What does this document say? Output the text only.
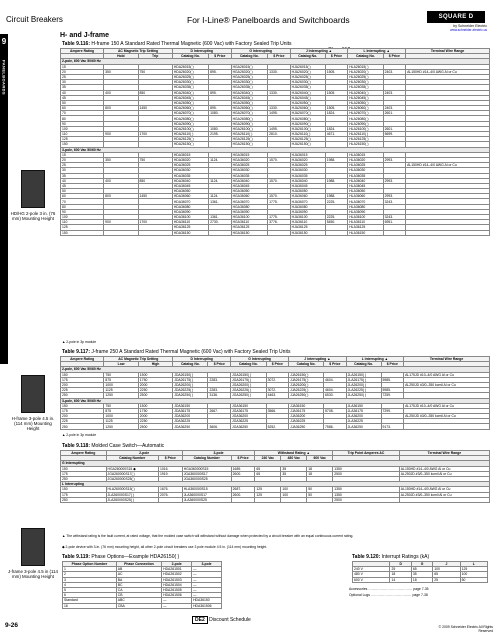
Circuit Breakers	For I-Line® Panelboards and Switchboards	SQUARE D
by Schneider Electric
www.schneider-electric.us
9
PANELBOARDS
H- and J-frame
Table 9.116: H-frame 150 A Standard Rated Thermal Magnetic (600 Vac) with Factory Sealed Trip Units
Ampere Rating	AC Magnetic Trip Setting		D Interrupting		G Interrupting		J Interrupting ▲		L Interrupting ▲		Terminal Wire Range
	Hold	Trip	Catalog No.	$ Price	Catalog No.	$ Price	Catalog No.	$ Price	Catalog No.	$ Price	
2-pole, 600 Vac 50/60 Hz											
15			HDA26015( )		HGA26015( )		HJA26015( )		HLA26015( )		
20	350	750	HDA26020( )	895.	HGA26020( )	1330.	HJA26020( )	1505.	HLA26020( )	2403.	AL150HD #14–4/0 AWG Al or Cu
25			HDA26025( )		HGA26025( )		HJA26025( )		HLA26025( )		
30			HDA26030( )		HGA26030( )		HJA26030( )		HLA26030( )		
35			HDA26035( )		HGA26035( )		HJA26035( )		HLA26035( )		
40	400	850	HDA26040( )	895.	HGA26040( )	1330.	HJA26040( )	1505.	HLA26040( )	2403.	
45			HDA26045( )		HGA26045( )		HJA26045( )		HLA26045( )		
50			HDA26050( )		HGA26050( )		HJA26050( )		HLA26050( )		
60	800	1450	HDA26060( )	895.	HGA26060( )	1330.	HJA26060( )	1505.	HLA26060( )	2403.	
70			HDA26070( )	1080.	HGA26070( )	1495.	HJA26070( )	1824.	HLA26070( )	2601.	
80			HDA26080( )		HGA26080( )		HJA26080( )		HLA26080( )		
90			HDA26090( )		HGA26090( )		HJA26090( )		HLA26090( )		
100			HDA26100( )	1080.	HGA26100( )	1495.	HJA26100( )	1824.	HLA26100( )	2601.	
110	900	1700	HDA26110( )	2195.	HGA26110( )	2810.	HJA26110( )	4671.	HLA26110( )	5699.	
125			HDA26125( )		HGA26125( )		HJA26125( )		HLA26125( )		
150			HDA26150( )		HGA26150( )		HJA26150( )		HLA26150( )		
3-pole, 600 Vac 50/60 Hz											
15			HDA36015		HGA36015		HJA36015		HLA36015		
20	350	750	HDA36020	1124.	HGA36020	1570.	HJA36020	1988.	HLA36020	2993.	
25			HDA36025		HGA36025		HJA36025		HLA36025		AL150HD #14–4/0 AWG Al or Cu
30			HDA36030		HGA36030		HJA36030		HLA36030		
35			HDA36035		HGA36035		HJA36035		HLA36035		
40	400	850	HDA36040	1124.	HGA36040	1570.	HJA36040	1988.	HLA36040	2993.	
45			HDA36045		HGA36045		HJA36045		HLA36045		
50			HDA36050		HGA36050		HJA36050		HLA36050		
60	800	1450	HDA36060	1124.	HGA36060	1570.	HJA36060	1988.	HLA36060	2993.	
70			HDA36070	1361.	HGA36070	1775.	HJA36070	2225.	HLA36070	3243.	
80			HDA36080		HGA36080		HJA36080		HLA36080		
90			HDA36090		HGA36090		HJA36090		HLA36090		
100			HDA36100	1361.	HGA36100	1775.	HJA36100	2225.	HLA36100	3243.	
110	900	1700	HDA36110	2730.	HGA36110	3776.	HJA36110	5450.	HLA36110	6951.	
125			HDA36125		HGA36125		HJA36125		HLA36125		
150			HDA36150		HGA36150		HJA36150		HLA36150		
▲ 2-pole in 3p module
Table 9.117: J-frame 250 A Standard Rated Thermal Magnetic (600 Vac) with Factory Sealed Trip Units
Ampere Rating	AC Magnetic Trip Setting		D Interrupting		G Interrupting		J Interrupting ▲		L Interrupting ▲		Terminal Wire Range
	Low	High	Catalog No.	$ Price	Catalog No.	$ Price	Catalog No.	$ Price	Catalog No.	$ Price	
2-pole, 600 Vac 50/60 Hz											
150	750	1500	JDA26150( )		JGA26150( )		JJA26150( )		JLA26150( )		AL175JD #10–4/0 AWG Al or Cu
175	875	1750	JDA26175( )	2283.	JGA26175( )	3072.	JJA26175( )	4604.	JLA26175( )	5985.	
200	1000	2000	JDA26200( )		JGA26200( )		JJA26200( )		JLA26200( )		AL250JD #3/0–350 kcmil Al or Cu
225	1125	2250	JDA26225( )	2283.	JGA26225( )	3072.	JJA26225( )	4604.	JLA26225( )	5985.	
250	1250	2500	JDA26250( )	3136.	JGA26250( )	4463.	JJA26250( )	6530.	JLA26250( )	7259.	
3-pole, 600 Vac 50/60 Hz											
150	750	1500	JDA36150		JGA36150		JJA36150		JLA36150		AL175JD #10–4/0 AWG Al or Cu
175	875	1750	JDA36175	2667.	JGA36175	3566.	JJA36175	5708.	JLA36175	7299.	
200	1000	2000	JDA36200		JGA36200		JJA36200		JLA36200		AL250JD #3/0–350 kcmil Al or Cu
225	1125	2250	JDA36225		JGA36225		JJA36225		JLA36225		
250	1250	2500	JDA36250	3606.	JGA36250	5252.	JJA36250	7586.	JLA36250	9173.	
▲ 2-pole in 3p module
Table 9.118: Molded Case Switch—Automatic
Ampere Rating	2-pole		3-pole		Withstand Rating ▲			Trip Point Amperes AC	Terminal Wire Range
	Catalog Number	$ Price	Catalog Number	$ Price	240 Vac	480 Vac	600 Vac		
G Interrupting									
150	HGA260000S15 ◆	1016.	HGA360000S15	1689.	65	35	18	1350	AL150HD #14–4/0 AWG Al or Cu
175	JGA260000S17( )	1919.	JGA360000S17	2600.	65	35	18	2500	AL250JD #3/0–350 kcmil Al or Cu
250	JGA260000S25( )		JGA360000S25						
L Interrupting									
150	HLA260000S15( )	1676.	HLA360000S15	2687.	125	100	50	1350	AL150HD #14–4/0 AWG Al or Cu
175	JLA260000S17( )	2076.	JLA360000S17	2600.	125	100	50	1350	AL250JD #3/0–350 kcmil Al or Cu
250	JLA260000S25( )		JLA360000S25					2500	
▲ The withstand rating is the fault current, at rated voltage, that the molded case switch will withstand without damage when protected by a circuit breaker with an equal continuous current rating.
◆ 2-pole device with 3-in. (76 mm) mounting height, all other 2-pole circuit breakers use 3 pole module 4.5 in. (114 mm) mounting height.
Table 9.119: Phase Options—Example HDA26150( )
Phase Option Number	Phase Connection	2-pole	3-pole
1	AB	HDA261501	—
2	AC	HDA261502	—
3	BA	HDA261503	—
4	BC	HDA261504	—
5	CA	HDA261505	—
6	CB	HDA261506	—
Standard	ABC	—	HDA36150
16	CBA	—	HDA361506
Table 9.120: Interrupt Ratings (kA)
	D	G	J	L
240 V	25	65	100	125
480 V	18	35	65	100
600 V	14	18	25	50
Accessories ………………………………… page 7-35
Optional Lugs ……………………………… page 7-38
HD/HG 2-pole 3 in. (76 mm) Mounting Height
H-frame 3-pole 4.5 in. (114 mm) Mounting Height
J-frame 3-pole 4.5 in (114 mm) Mounting Height
9-26
DE2 Discount Schedule
© 2009 Schneider Electric All Rights Reserved
